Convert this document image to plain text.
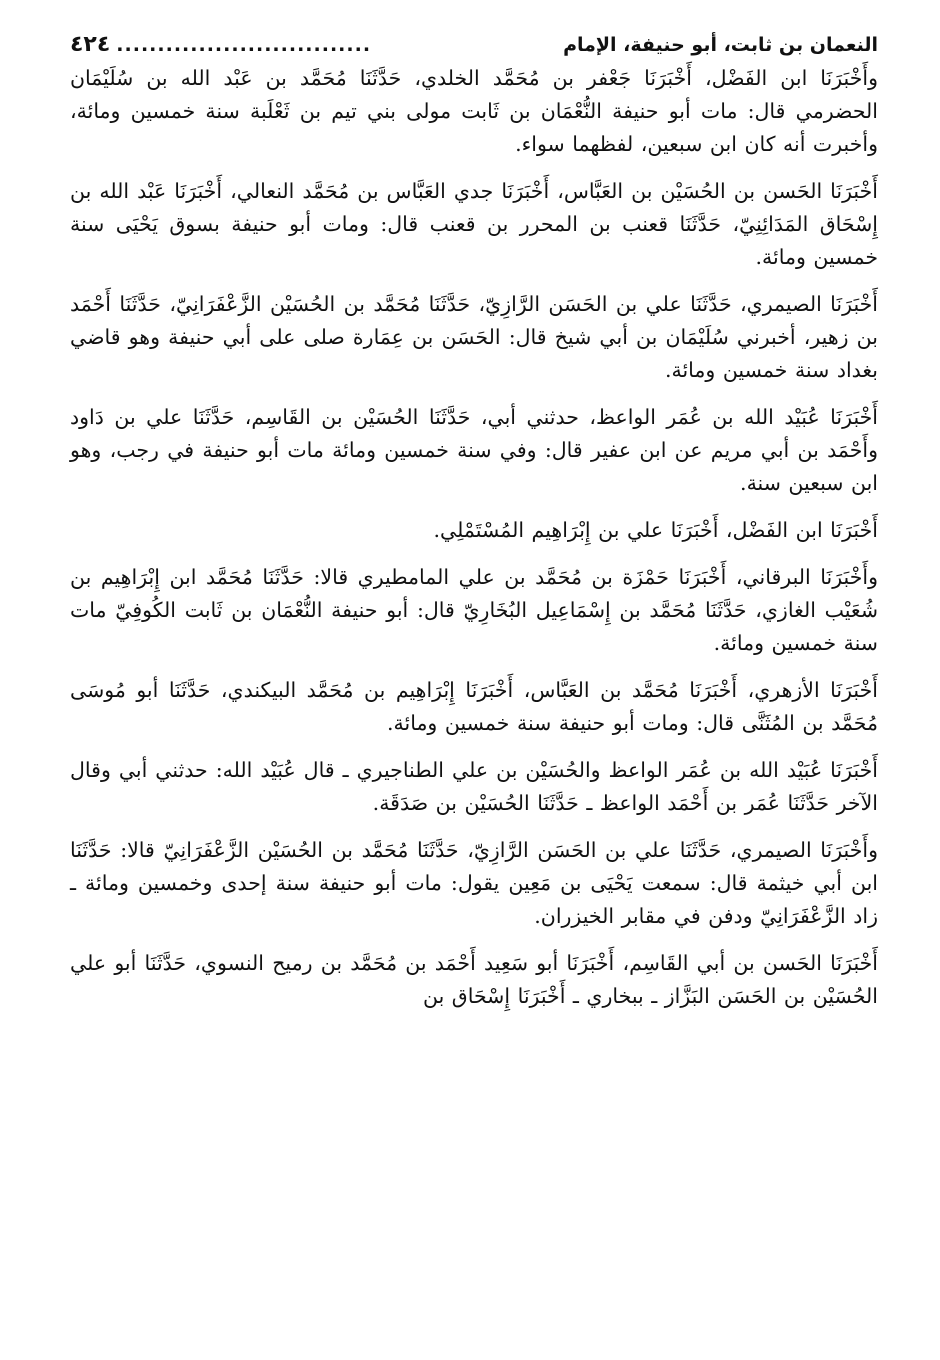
النعمان بن ثابت، أبو حنيفة، الإمام
...............................
٤٢٤

وأَخْبَرَنَا ابن الفَضْل، أَخْبَرَنَا جَعْفر بن مُحَمَّد الخلدي، حَدَّثَنَا مُحَمَّد بن عَبْد الله بن سُلَيْمَان الحضرمي قال: مات أبو حنيفة النُّعْمَان بن ثَابت مولى بني تيم بن ثَعْلَبة سنة خمسين ومائة، وأخبرت أنه كان ابن سبعين، لفظهما سواء.

أَخْبَرَنَا الحَسن بن الحُسَيْن بن العَبَّاس، أَخْبَرَنَا جدي العَبَّاس بن مُحَمَّد النعالي، أَخْبَرَنَا عَبْد الله بن إِسْحَاق المَدَائِنِيّ، حَدَّثَنَا قعنب بن المحرر بن قعنب قال: ومات أبو حنيفة بسوق يَحْيَى سنة خمسين ومائة.

أَخْبَرَنَا الصيمري، حَدَّثَنَا علي بن الحَسَن الرَّازِيّ، حَدَّثَنَا مُحَمَّد بن الحُسَيْن الزَّعْفَرَانِيّ، حَدَّثَنَا أَحْمَد بن زهير، أخبرني سُلَيْمَان بن أبي شيخ قال: الحَسَن بن عِمَارة صلى على أبي حنيفة وهو قاضي بغداد سنة خمسين ومائة.

أَخْبَرَنَا عُبَيْد الله بن عُمَر الواعظ، حدثني أبي، حَدَّثَنَا الحُسَيْن بن القَاسِم، حَدَّثَنَا علي بن دَاود وأَحْمَد بن أبي مريم عن ابن عفير قال: وفي سنة خمسين ومائة مات أبو حنيفة في رجب، وهو ابن سبعين سنة.

أَخْبَرَنَا ابن الفَضْل، أَخْبَرَنَا علي بن إِبْرَاهِيم المُسْتَمْلِي.

وأَخْبَرَنَا البرقاني، أَخْبَرَنَا حَمْزَة بن مُحَمَّد بن علي المامطيري قالا: حَدَّثَنَا مُحَمَّد ابن إِبْرَاهِيم بن شُعَيْب الغازي، حَدَّثَنَا مُحَمَّد بن إِسْمَاعِيل البُخَارِيّ قال: أبو حنيفة النُّعْمَان بن ثَابت الكُوفِيّ مات سنة خمسين ومائة.

أَخْبَرَنَا الأزهري، أَخْبَرَنَا مُحَمَّد بن العَبَّاس، أَخْبَرَنَا إِبْرَاهِيم بن مُحَمَّد البيكندي، حَدَّثَنَا أبو مُوسَى مُحَمَّد بن المُثَنَّى قال: ومات أبو حنيفة سنة خمسين ومائة.

أَخْبَرَنَا عُبَيْد الله بن عُمَر الواعظ والحُسَيْن بن علي الطناجيري ـ قال عُبَيْد الله: حدثني أبي وقال الآخر حَدَّثَنَا عُمَر بن أَحْمَد الواعظ ـ حَدَّثَنَا الحُسَيْن بن صَدَقَة.

وأَخْبَرَنَا الصيمري، حَدَّثَنَا علي بن الحَسَن الرَّازِيّ، حَدَّثَنَا مُحَمَّد بن الحُسَيْن الزَّعْفَرَانِيّ قالا: حَدَّثَنَا ابن أبي خيثمة قال: سمعت يَحْيَى بن مَعِين يقول: مات أبو حنيفة سنة إحدى وخمسين ومائة ـ زاد الزَّعْفَرَانِيّ ودفن في مقابر الخيزران.

أَخْبَرَنَا الحَسن بن أبي القَاسِم، أَخْبَرَنَا أبو سَعِيد أَحْمَد بن مُحَمَّد بن رميح النسوي، حَدَّثَنَا أبو علي الحُسَيْن بن الحَسَن البَزَّاز ـ ببخاري ـ أَخْبَرَنَا إِسْحَاق بن
